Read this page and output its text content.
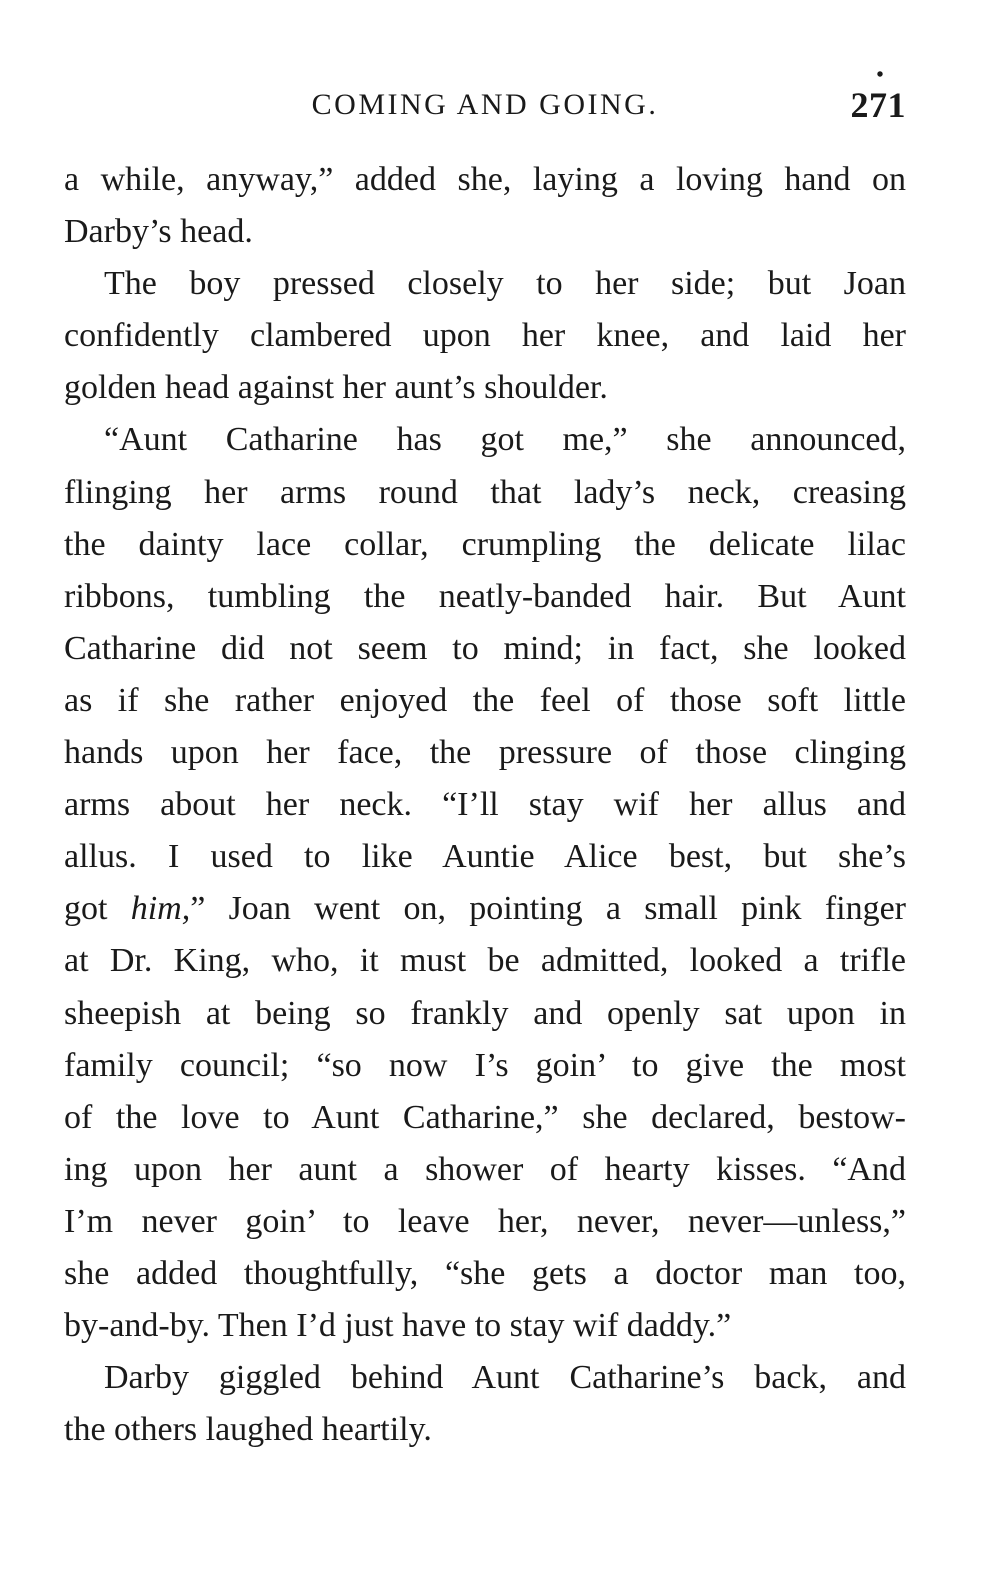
COMING AND GOING.
•
271
a while, anyway,” added she, laying a loving hand on
Darby’s head.
The boy pressed closely to her side; but Joan
confidently clambered upon her knee, and laid her
golden head against her aunt’s shoulder.
“Aunt Catharine has got me,” she announced,
flinging her arms round that lady’s neck, creasing
the dainty lace collar, crumpling the delicate lilac
ribbons, tumbling the neatly-banded hair. But Aunt
Catharine did not seem to mind; in fact, she looked
as if she rather enjoyed the feel of those soft little
hands upon her face, the pressure of those clinging
arms about her neck. “I’ll stay wif her allus and
allus. I used to like Auntie Alice best, but she’s
got him,” Joan went on, pointing a small pink finger
at Dr. King, who, it must be admitted, looked a trifle
sheepish at being so frankly and openly sat upon in
family council; “so now I’s goin’ to give the most
of the love to Aunt Catharine,” she declared, bestow-
ing upon her aunt a shower of hearty kisses. “And
I’m never goin’ to leave her, never, never—unless,”
she added thoughtfully, “she gets a doctor man too,
by-and-by. Then I’d just have to stay wif daddy.”
Darby giggled behind Aunt Catharine’s back, and
the others laughed heartily.
